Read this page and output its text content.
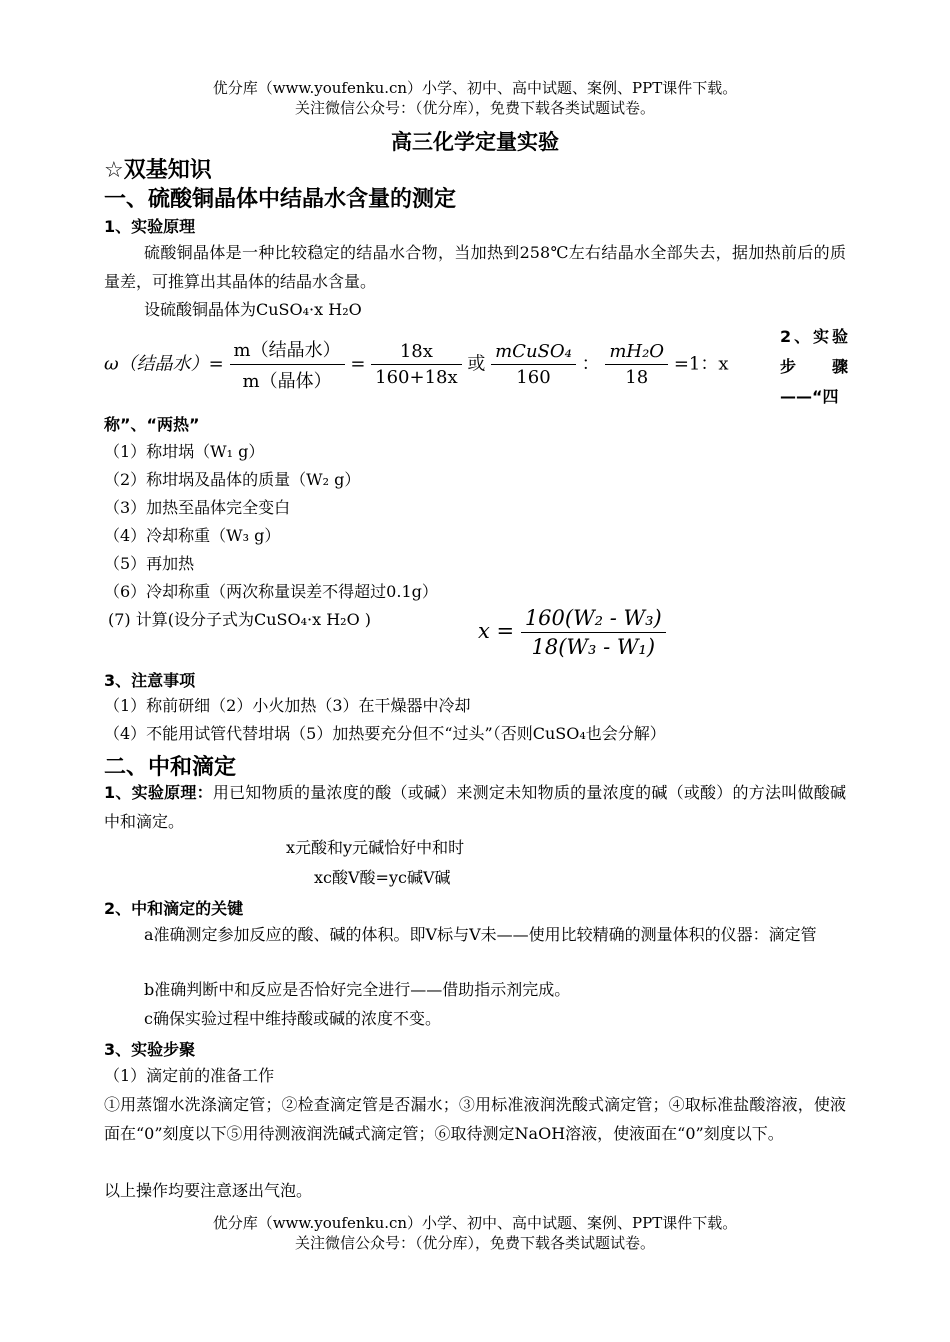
优分库（www.youfenku.cn）小学、初中、高中试题、案例、PPT课件下载。
关注微信公众号：（优分库），免费下载各类试题试卷。
高三化学定量实验
☆双基知识
一、硫酸铜晶体中结晶水含量的测定
1、实验原理
硫酸铜晶体是一种比较稳定的结晶水合物，当加热到258℃左右结晶水全部失去，据加热前后的质量差，可推算出其晶体的结晶水含量。
设硫酸铜晶体为CuSO₄·x H₂O
ω（结晶水）= $\frac{\text{m（结晶水）}}{\text{m（晶体）}} = \frac{18x}{160+18x}$ 或 $\frac{\text{mCuSO₄}}{160}$ ： $\frac{\text{mH₂O}}{18} =1$：x
2、实验步骤——“四
称”、“两热”
（1）称坩埚（W₁ g）
（2）称坩埚及晶体的质量（W₂ g）
（3）加热至晶体完全变白
（4）冷却称重（W₃ g）
（5）再加热
（6）冷却称重（两次称量误差不得超过0.1g）
(7) 计算(设分子式为CuSO₄·x H₂O )	$x = \frac{\text{160(W₂ - W₃)}}{\text{18(W₃ - W₁)}}$
3、注意事项
（1）称前研细（2）小火加热（3）在干燥器中冷却
（4）不能用试管代替坩埚（5）加热要充分但不“过头”（否则CuSO₄也会分解）
二、中和滴定
1、实验原理：用已知物质的量浓度的酸（或碱）来测定未知物质的量浓度的碱（或酸）的方法叫做酸碱中和滴定。
x元酸和y元碱恰好中和时
xc酸V酸=yc碱V碱
2、中和滴定的关键
a准确测定参加反应的酸、碱的体积。即V标与V未——使用比较精确的测量体积的仪器：滴定管
b准确判断中和反应是否恰好完全进行——借助指示剂完成。
c确保实验过程中维持酸或碱的浓度不变。
3、实验步聚
（1）滴定前的准备工作
①用蒸馏水洗涤滴定管；②检查滴定管是否漏水；③用标准液润洗酸式滴定管；④取标准盐酸溶液，使液面在“0”刻度以下⑤用待测液润洗碱式滴定管；⑥取待测定NaOH溶液，使液面在“0”刻度以下。
以上操作均要注意逐出气泡。
优分库（www.youfenku.cn）小学、初中、高中试题、案例、PPT课件下载。
关注微信公众号：（优分库），免费下载各类试题试卷。
